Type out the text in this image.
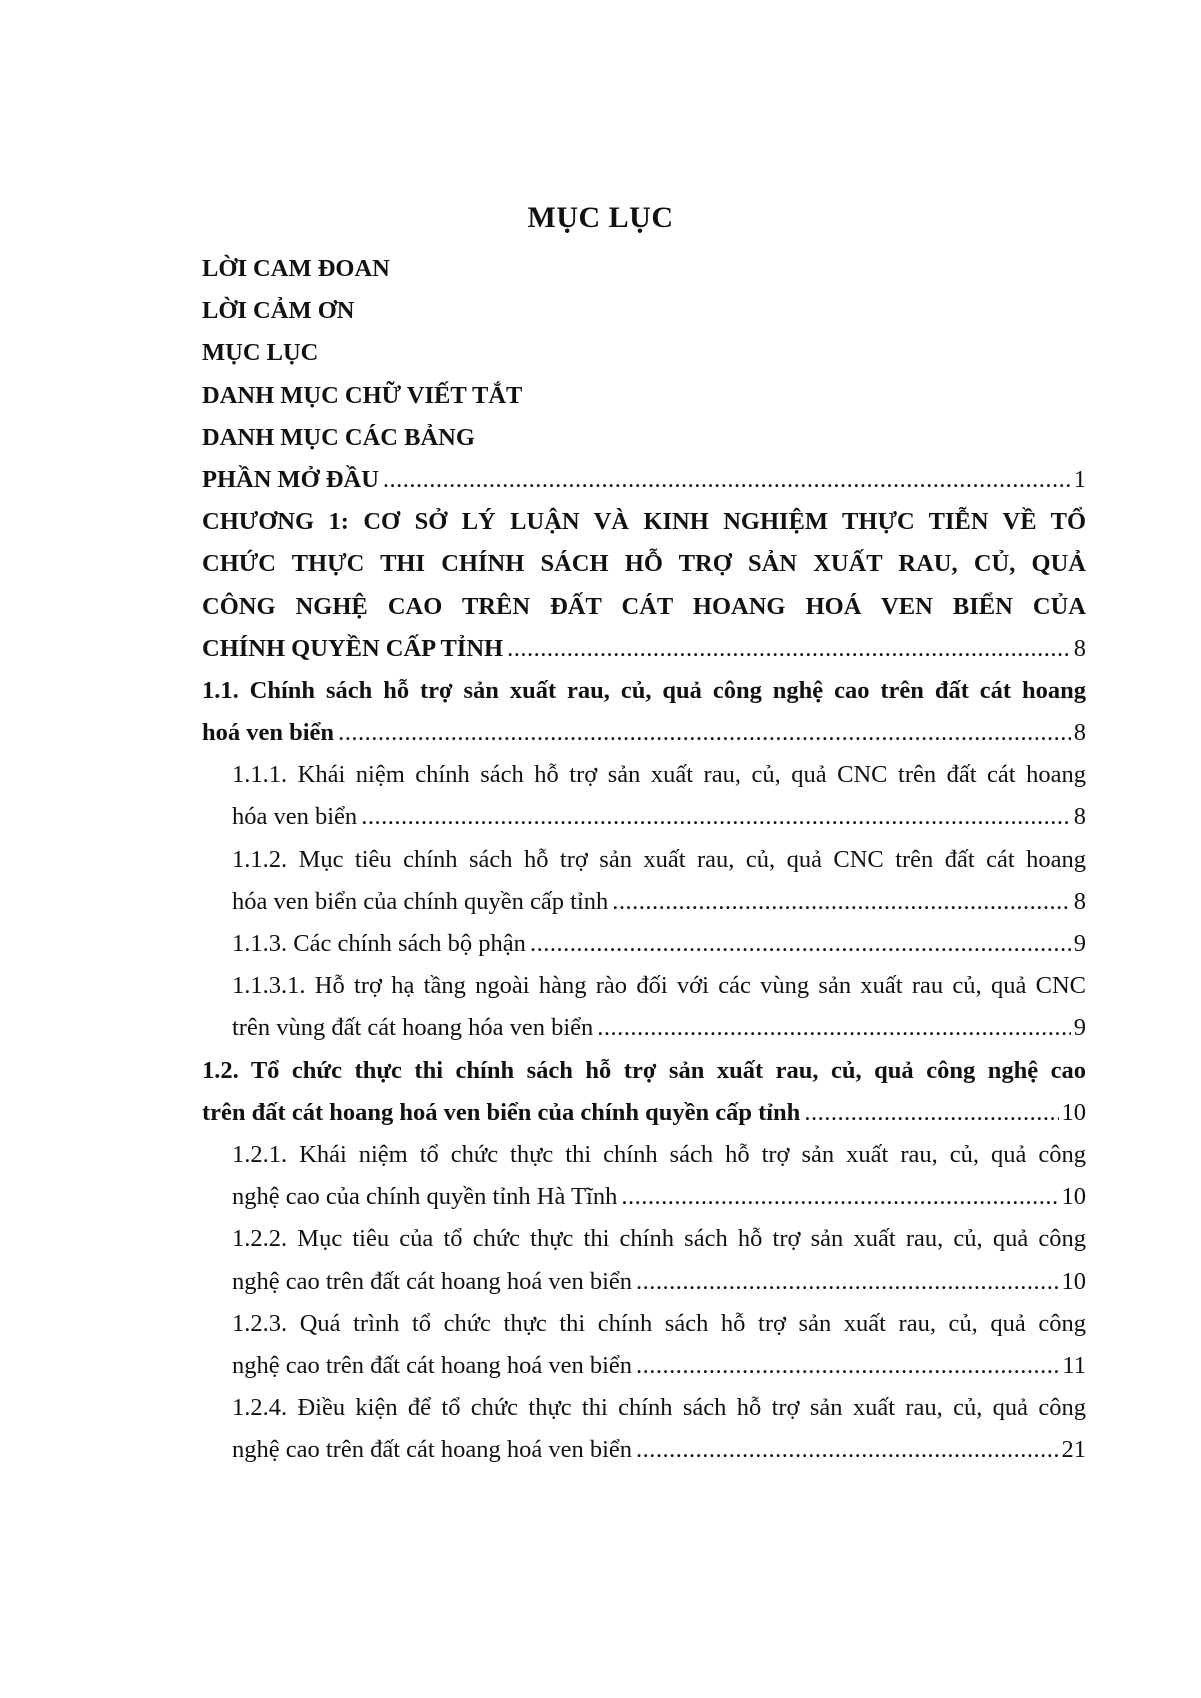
MỤC LỤC
LỜI CAM ĐOAN
LỜI CẢM ƠN
MỤC LỤC
DANH MỤC CHỮ VIẾT TẮT
DANH MỤC CÁC BẢNG
PHẦN MỞ ĐẦU .....	1
CHƯƠNG 1: CƠ SỞ LÝ LUẬN VÀ KINH NGHIỆM THỰC TIỄN VỀ TỔ
CHỨC THỰC THI CHÍNH SÁCH HỖ TRỢ SẢN XUẤT RAU, CỦ, QUẢ
CÔNG NGHỆ CAO TRÊN ĐẤT CÁT HOANG HOÁ VEN BIỂN CỦA
CHÍNH QUYỀN CẤP TỈNH .....	8
1.1. Chính sách hỗ trợ sản xuất rau, củ, quả công nghệ cao trên đất cát hoang
hoá ven biển .....	8
1.1.1. Khái niệm chính sách hỗ trợ sản xuất rau, củ, quả CNC trên đất cát hoang
hóa ven biển .....	8
1.1.2. Mục tiêu chính sách hỗ trợ sản xuất rau, củ, quả CNC trên đất cát hoang
hóa ven biển của chính quyền cấp tỉnh .....	8
1.1.3. Các chính sách bộ phận .....	9
1.1.3.1. Hỗ trợ hạ tầng ngoài hàng rào đối với các vùng sản xuất rau củ, quả CNC
trên vùng đất cát hoang hóa ven biển .....	9
1.2. Tổ chức thực thi chính sách hỗ trợ sản xuất rau, củ, quả công nghệ cao
trên đất cát hoang hoá ven biển của chính quyền cấp tỉnh .....	10
1.2.1. Khái niệm tổ chức thực thi chính sách hỗ trợ sản xuất rau, củ, quả công
nghệ cao của chính quyền tỉnh Hà Tĩnh .....	10
1.2.2. Mục tiêu của tổ chức thực thi chính sách hỗ trợ sản xuất rau, củ, quả công
nghệ cao trên đất cát hoang hoá ven biển .....	10
1.2.3. Quá trình tổ chức thực thi chính sách hỗ trợ sản xuất rau, củ, quả công
nghệ cao trên đất cát hoang hoá ven biển .....	11
1.2.4. Điều kiện để tổ chức thực thi chính sách hỗ trợ sản xuất rau, củ, quả công
nghệ cao trên đất cát hoang hoá ven biển .....	21
